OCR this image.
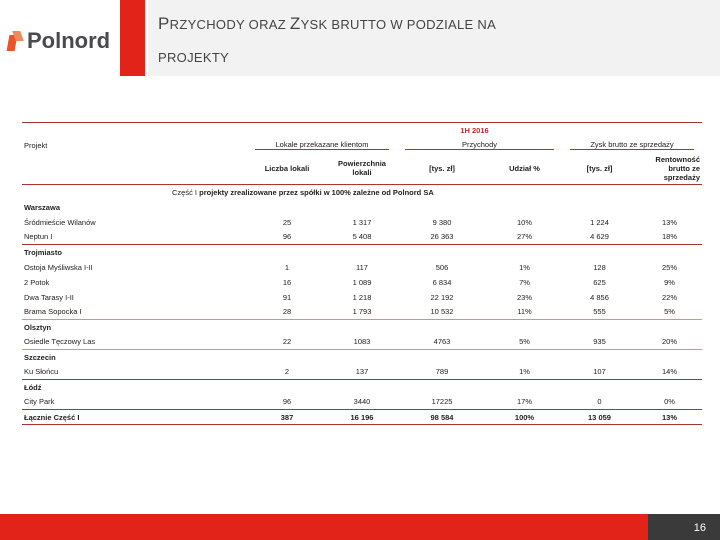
Polnord
PRZYCHODY ORAZ ZYSK BRUTTO W PODZIALE NA
PROJEKTY
	1H 2016					
Projekt	Lokale przekazane klientom		Przychody		Zysk brutto ze sprzedaży	

	Liczba lokali	Powierzchnia lokali	[tys. zł]	Udział %	[tys. zł]	Rentowność brutto ze sprzedaży
Część I projekty zrealizowane przez spółki w 100% zależne od Polnord SA						
Warszawa						
Śródmieście Wilanów	25	1 317	9 380	10%	1 224	13%
Neptun I	96	5 408	26 363	27%	4 629	18%
Trojmiasto						
Ostoja Myśliwska I-II	1	117	506	1%	128	25%
2 Potok	16	1 089	6 834	7%	625	9%
Dwa Tarasy I-II	91	1 218	22 192	23%	4 856	22%
Brama Sopocka I	28	1 793	10 532	11%	555	5%
Olsztyn						
Osiedle Tęczowy Las	22	1083	4763	5%	935	20%
Szczecin						
Ku Słońcu	2	137	789	1%	107	14%
Łódź						
City Park	96	3440	17225	17%	0	0%
Łącznie Część I	387	16 196	98 584	100%	13 059	13%
16
